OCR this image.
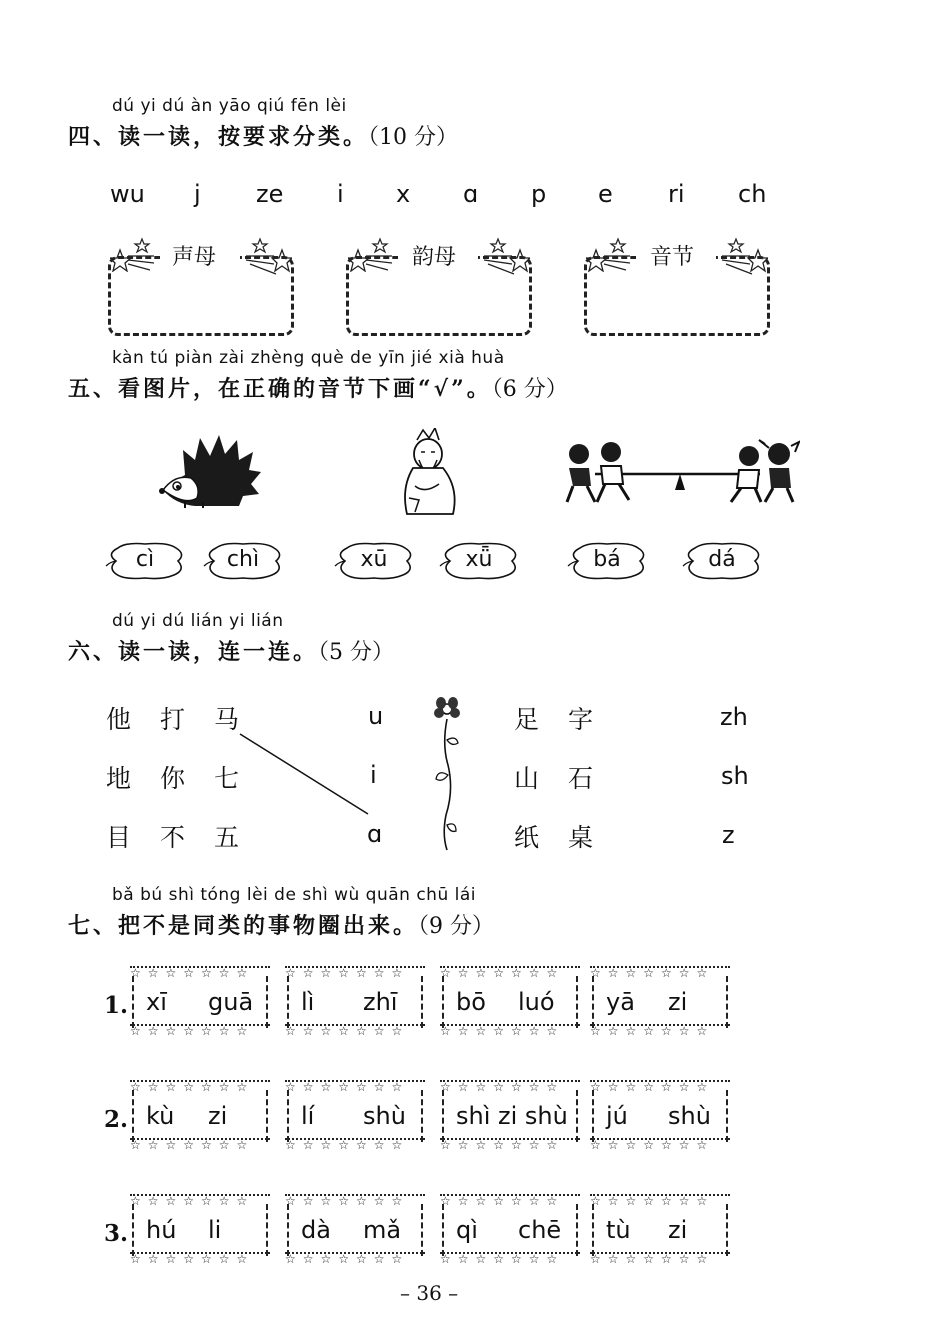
dú yi dú àn yāo qiú fēn lèi
四、读一读，按要求分类。（10 分）
wu j ze i x ɑ p e ri ch
声母	韵母	音节
kàn tú piàn zài zhèng què de yīn jié xià huà
五、看图片，在正确的音节下画“√”。（6 分）
cì	chì	xū	xǖ	bá	dá
dú yi dú lián yi lián
六、读一读，连一连。（5 分）
他 打 马	u
地 你 七	i
目 不 五	ɑ
足 字	zh
山 石	sh
纸 桌	z
bǎ bú shì tóng lèi de shì wù quān chū lái
七、把不是同类的事物圈出来。（9 分）
1.
2.
3.
☆☆☆☆☆☆☆
☆☆☆☆☆☆☆
xī guā
☆☆☆☆☆☆☆
☆☆☆☆☆☆☆
lì zhī
☆☆☆☆☆☆☆
☆☆☆☆☆☆☆
bō luó
☆☆☆☆☆☆☆
☆☆☆☆☆☆☆
yā zi
☆☆☆☆☆☆☆
☆☆☆☆☆☆☆
kù zi
☆☆☆☆☆☆☆
☆☆☆☆☆☆☆
lí shù
☆☆☆☆☆☆☆
☆☆☆☆☆☆☆
shì zi shù
☆☆☆☆☆☆☆
☆☆☆☆☆☆☆
jú shù
☆☆☆☆☆☆☆
☆☆☆☆☆☆☆
hú li
☆☆☆☆☆☆☆
☆☆☆☆☆☆☆
dà mǎ
☆☆☆☆☆☆☆
☆☆☆☆☆☆☆
qì chē
☆☆☆☆☆☆☆
☆☆☆☆☆☆☆
tù zi
– 36 –
